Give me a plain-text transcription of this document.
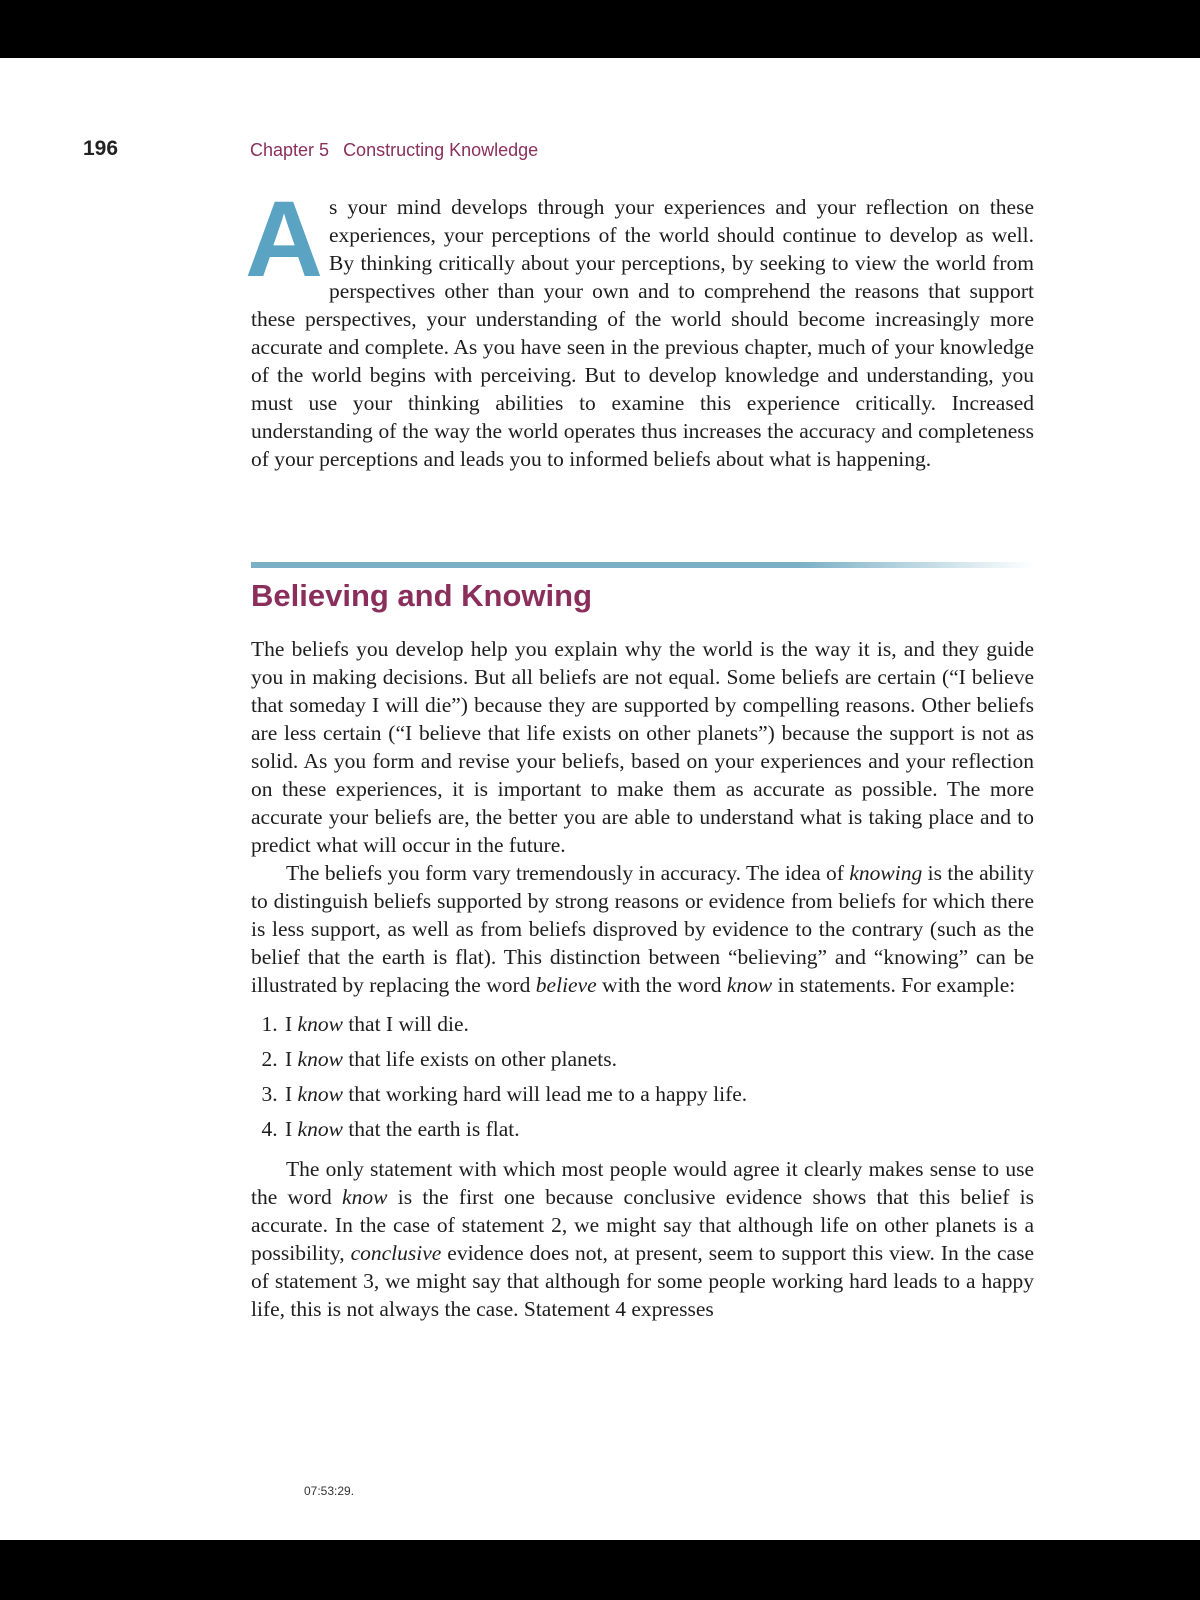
196	Chapter 5 Constructing Knowledge

As your mind develops through your experiences and your reflection on these experiences, your perceptions of the world should continue to develop as well. By thinking critically about your perceptions, by seeking to view the world from perspectives other than your own and to comprehend the reasons that support these perspectives, your understanding of the world should become increasingly more accurate and complete. As you have seen in the previous chapter, much of your knowledge of the world begins with perceiving. But to develop knowledge and understanding, you must use your thinking abilities to examine this experience critically. Increased understanding of the way the world operates thus increases the accuracy and completeness of your perceptions and leads you to informed beliefs about what is happening.

Believing and Knowing

The beliefs you develop help you explain why the world is the way it is, and they guide you in making decisions. But all beliefs are not equal. Some beliefs are certain (“I believe that someday I will die”) because they are supported by compelling reasons. Other beliefs are less certain (“I believe that life exists on other planets”) because the support is not as solid. As you form and revise your beliefs, based on your experiences and your reflection on these experiences, it is important to make them as accurate as possible. The more accurate your beliefs are, the better you are able to understand what is taking place and to predict what will occur in the future.

The beliefs you form vary tremendously in accuracy. The idea of knowing is the ability to distinguish beliefs supported by strong reasons or evidence from beliefs for which there is less support, as well as from beliefs disproved by evidence to the contrary (such as the belief that the earth is flat). This distinction between “believing” and “knowing” can be illustrated by replacing the word believe with the word know in statements. For example:

1. I know that I will die.
2. I know that life exists on other planets.
3. I know that working hard will lead me to a happy life.
4. I know that the earth is flat.

The only statement with which most people would agree it clearly makes sense to use the word know is the first one because conclusive evidence shows that this belief is accurate. In the case of statement 2, we might say that although life on other planets is a possibility, conclusive evidence does not, at present, seem to support this view. In the case of statement 3, we might say that although for some people working hard leads to a happy life, this is not always the case. Statement 4 expresses

07:53:29.
